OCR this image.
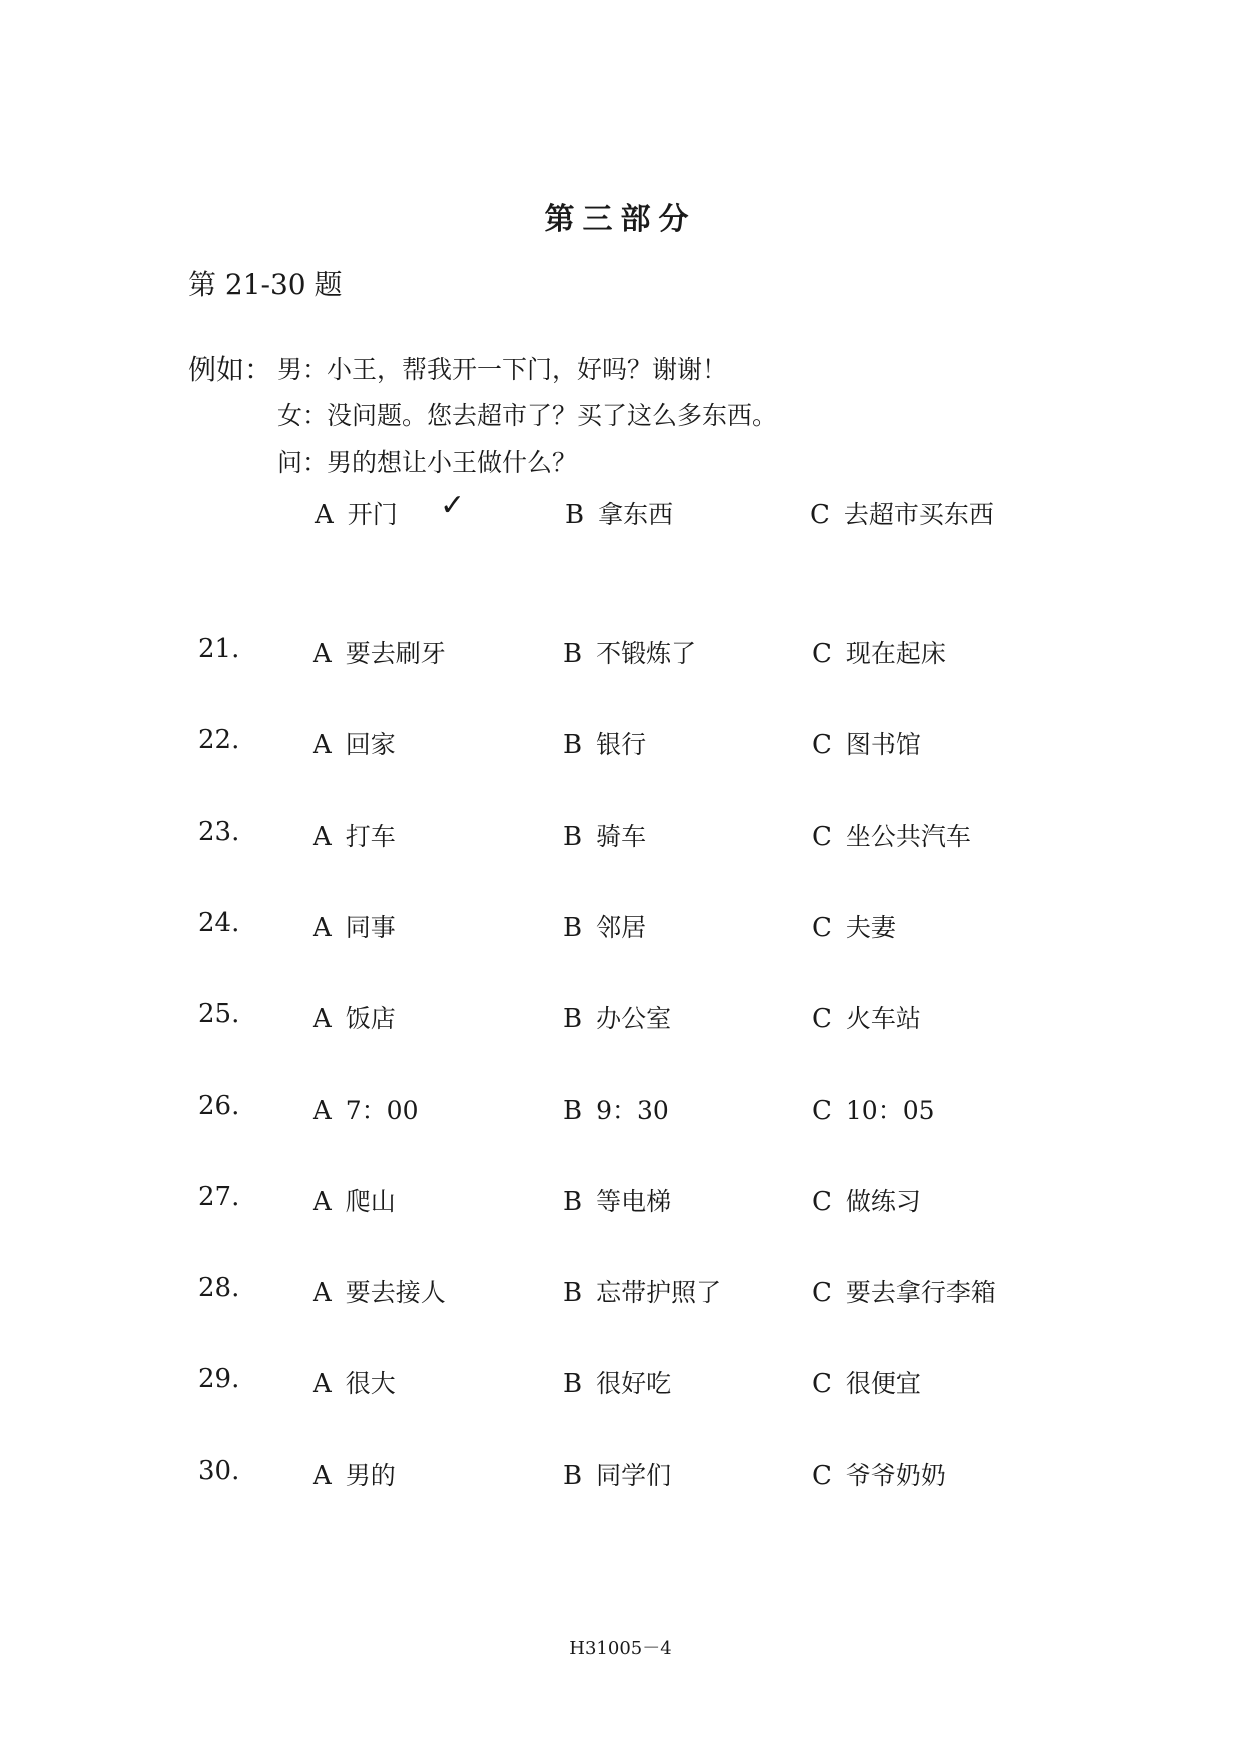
第三部分
第 21-30 题
例如： 男：小王，帮我开一下门，好吗？谢谢！
女：没问题。您去超市了？买了这么多东西。
问：男的想让小王做什么？
A 开门 ✓	B 拿东西	C 去超市买东西
21.	A 要去刷牙	B 不锻炼了	C 现在起床
22.	A 回家	B 银行	C 图书馆
23.	A 打车	B 骑车	C 坐公共汽车
24.	A 同事	B 邻居	C 夫妻
25.	A 饭店	B 办公室	C 火车站
26.	A 7：00	B 9：30	C 10：05
27.	A 爬山	B 等电梯	C 做练习
28.	A 要去接人	B 忘带护照了	C 要去拿行李箱
29.	A 很大	B 很好吃	C 很便宜
30.	A 男的	B 同学们	C 爷爷奶奶
H31005－4
